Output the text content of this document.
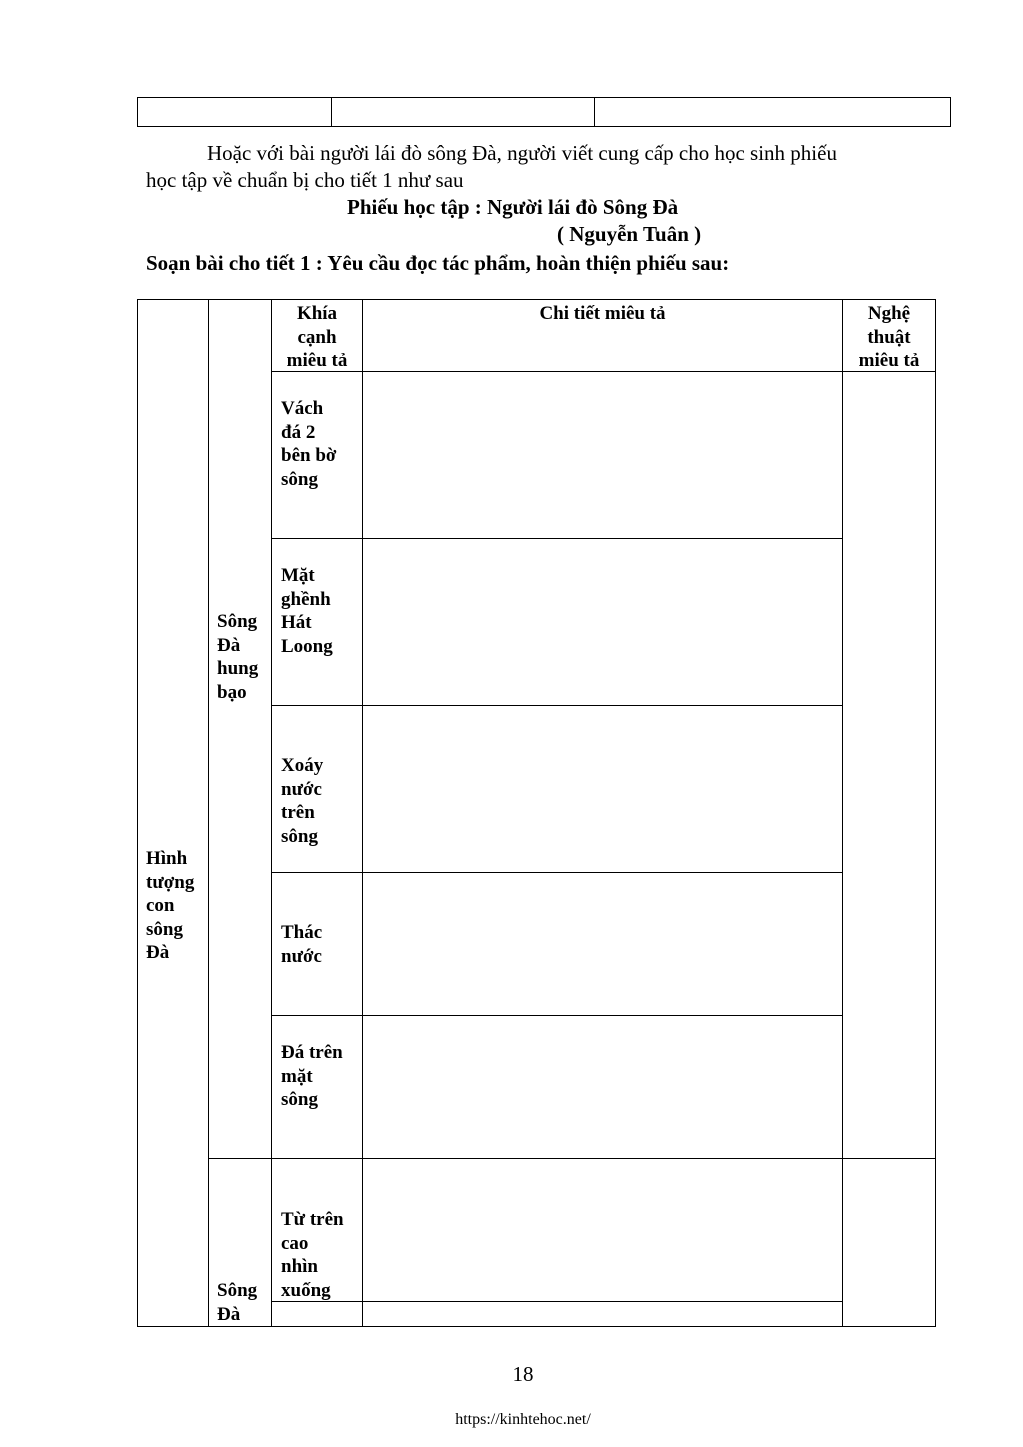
Hoặc với bài người lái đò sông Đà, người viết cung cấp cho học sinh phiếu
học tập về chuẩn bị cho tiết 1 như sau
Phiếu học tập : Người lái đò Sông Đà
( Nguyễn Tuân )
Soạn bài cho tiết 1 : Yêu cầu đọc tác phẩm, hoàn thiện phiếu sau:
Khía
cạnh
miêu tả
Chi tiết miêu tả	Nghệ
thuật
miêu tả
Hình
tượng
con
sông
Đà
Sông
Đà
hung
bạo
Sông
Đà
Vách
đá 2
bên bờ
sông
Mặt
ghềnh
Hát
Loong
Xoáy
nước
trên
sông
Thác
nước
Đá trên
mặt
sông
Từ trên
cao
nhìn
xuống
18
https://kinhtehoc.net/
